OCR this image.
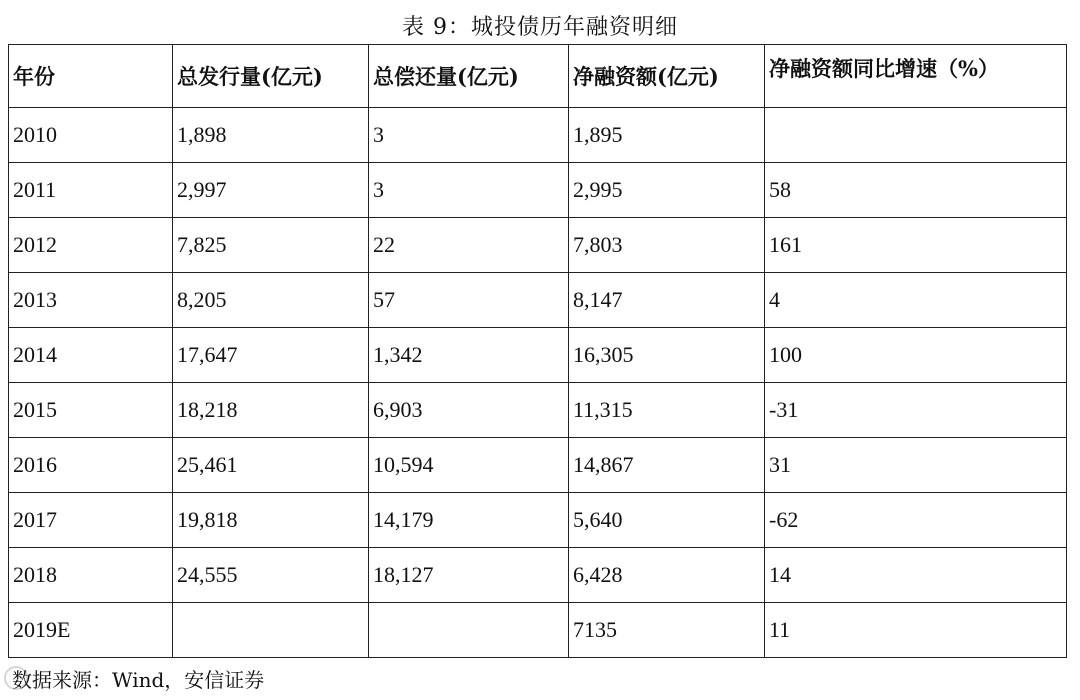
表 9：城投债历年融资明细
年份	总发行量(亿元)	总偿还量(亿元)	净融资额(亿元)	净融资额同比增速（%）
2010	1,898	3	1,895	
2011	2,997	3	2,995	58
2012	7,825	22	7,803	161
2013	8,205	57	8,147	4
2014	17,647	1,342	16,305	100
2015	18,218	6,903	11,315	-31
2016	25,461	10,594	14,867	31
2017	19,818	14,179	5,640	-62
2018	24,555	18,127	6,428	14
2019E			7135	11
数据来源：Wind，安信证券
